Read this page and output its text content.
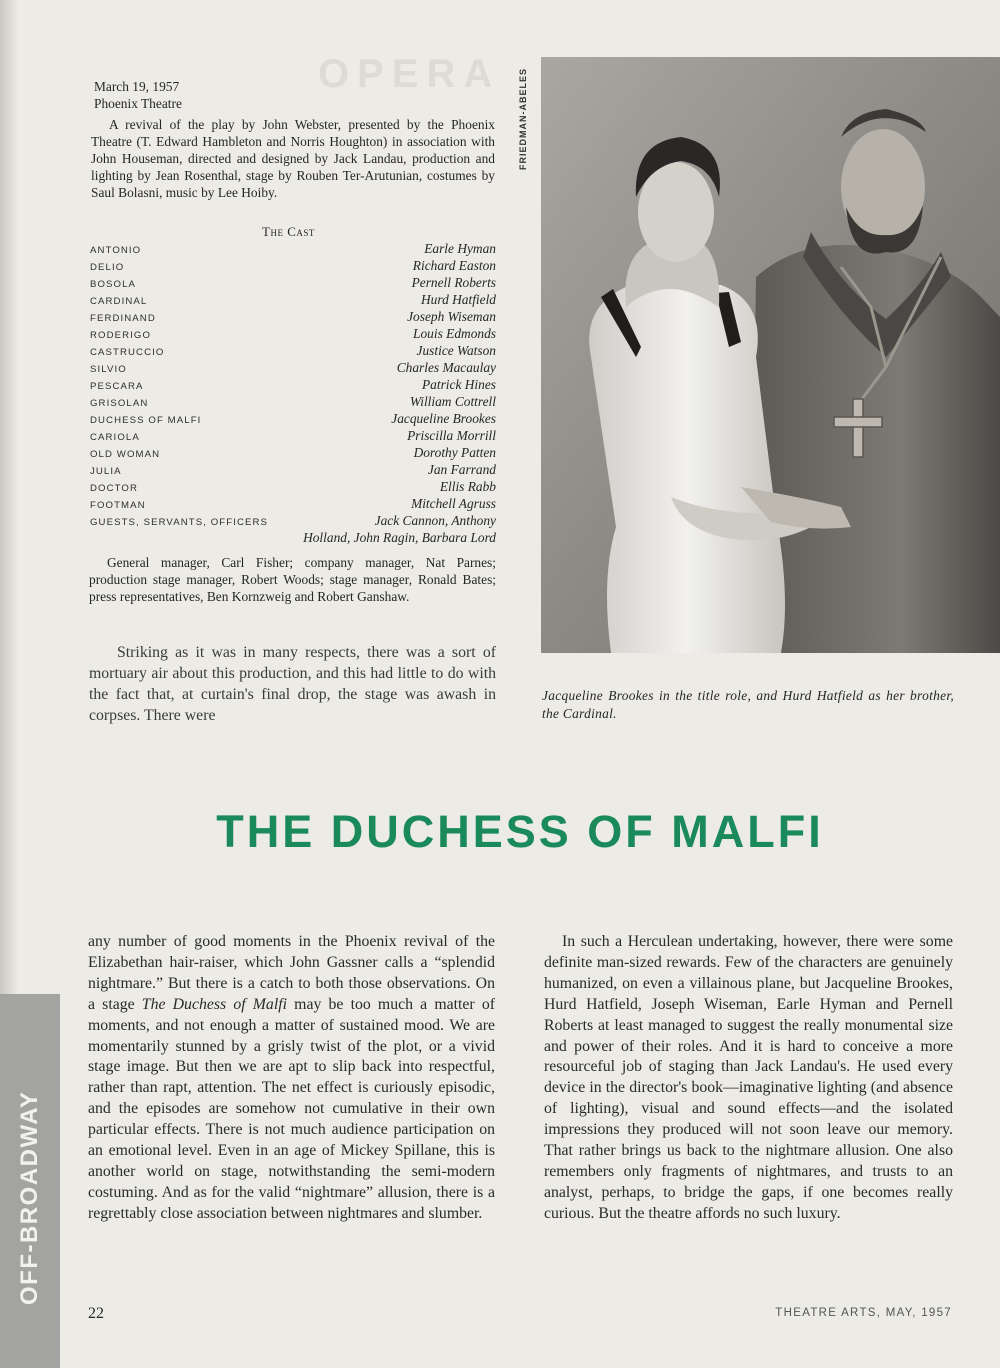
OPERA
March 19, 1957
Phoenix Theatre

A revival of the play by John Webster, presented by the Phoenix Theatre (T. Edward Hambleton and Norris Houghton) in association with John Houseman, directed and designed by Jack Landau, production and lighting by Jean Rosenthal, stage by Rouben Ter-Arutunian, costumes by Saul Bolasni, music by Lee Hoiby.

The Cast
ANTONIO	Earle Hyman
DELIO	Richard Easton
BOSOLA	Pernell Roberts
CARDINAL	Hurd Hatfield
FERDINAND	Joseph Wiseman
RODERIGO	Louis Edmonds
CASTRUCCIO	Justice Watson
SILVIO	Charles Macaulay
PESCARA	Patrick Hines
GRISOLAN	William Cottrell
DUCHESS OF MALFI	Jacqueline Brookes
CARIOLA	Priscilla Morrill
OLD WOMAN	Dorothy Patten
JULIA	Jan Farrand
DOCTOR	Ellis Rabb
FOOTMAN	Mitchell Agruss
GUESTS, SERVANTS, OFFICERS	Jack Cannon, Anthony
Holland, John Ragin, Barbara Lord

General manager, Carl Fisher; company manager, Nat Parnes; production stage manager, Robert Woods; stage manager, Ronald Bates; press representatives, Ben Kornzweig and Robert Ganshaw.

Striking as it was in many respects, there was a sort of mortuary air about this production, and this had little to do with the fact that, at curtain's final drop, the stage was awash in corpses. There were

FRIEDMAN-ABELES

Jacqueline Brookes in the title role, and Hurd Hatfield as her brother, the Cardinal.

THE DUCHESS OF MALFI

any number of good moments in the Phoenix revival of the Elizabethan hair-raiser, which John Gassner calls a “splendid nightmare.” But there is a catch to both those observations. On a stage The Duchess of Malfi may be too much a matter of moments, and not enough a matter of sustained mood. We are momentarily stunned by a grisly twist of the plot, or a vivid stage image. But then we are apt to slip back into respectful, rather than rapt, attention. The net effect is curiously episodic, and the episodes are somehow not cumulative in their own particular effects. There is not much audience participation on an emotional level. Even in an age of Mickey Spillane, this is another world on stage, notwithstanding the semi-modern costuming. And as for the valid “nightmare” allusion, there is a regrettably close association between nightmares and slumber.

In such a Herculean undertaking, however, there were some definite man-sized rewards. Few of the characters are genuinely humanized, on even a villainous plane, but Jacqueline Brookes, Hurd Hatfield, Joseph Wiseman, Earle Hyman and Pernell Roberts at least managed to suggest the really monumental size and power of their roles. And it is hard to conceive a more resourceful job of staging than Jack Landau's. He used every device in the director's book—imaginative lighting (and absence of lighting), visual and sound effects—and the isolated impressions they produced will not soon leave our memory. That rather brings us back to the nightmare allusion. One also remembers only fragments of nightmares, and trusts to an analyst, perhaps, to bridge the gaps, if one becomes really curious. But the theatre affords no such luxury.

OFF-BROADWAY
22	THEATRE ARTS, MAY, 1957
